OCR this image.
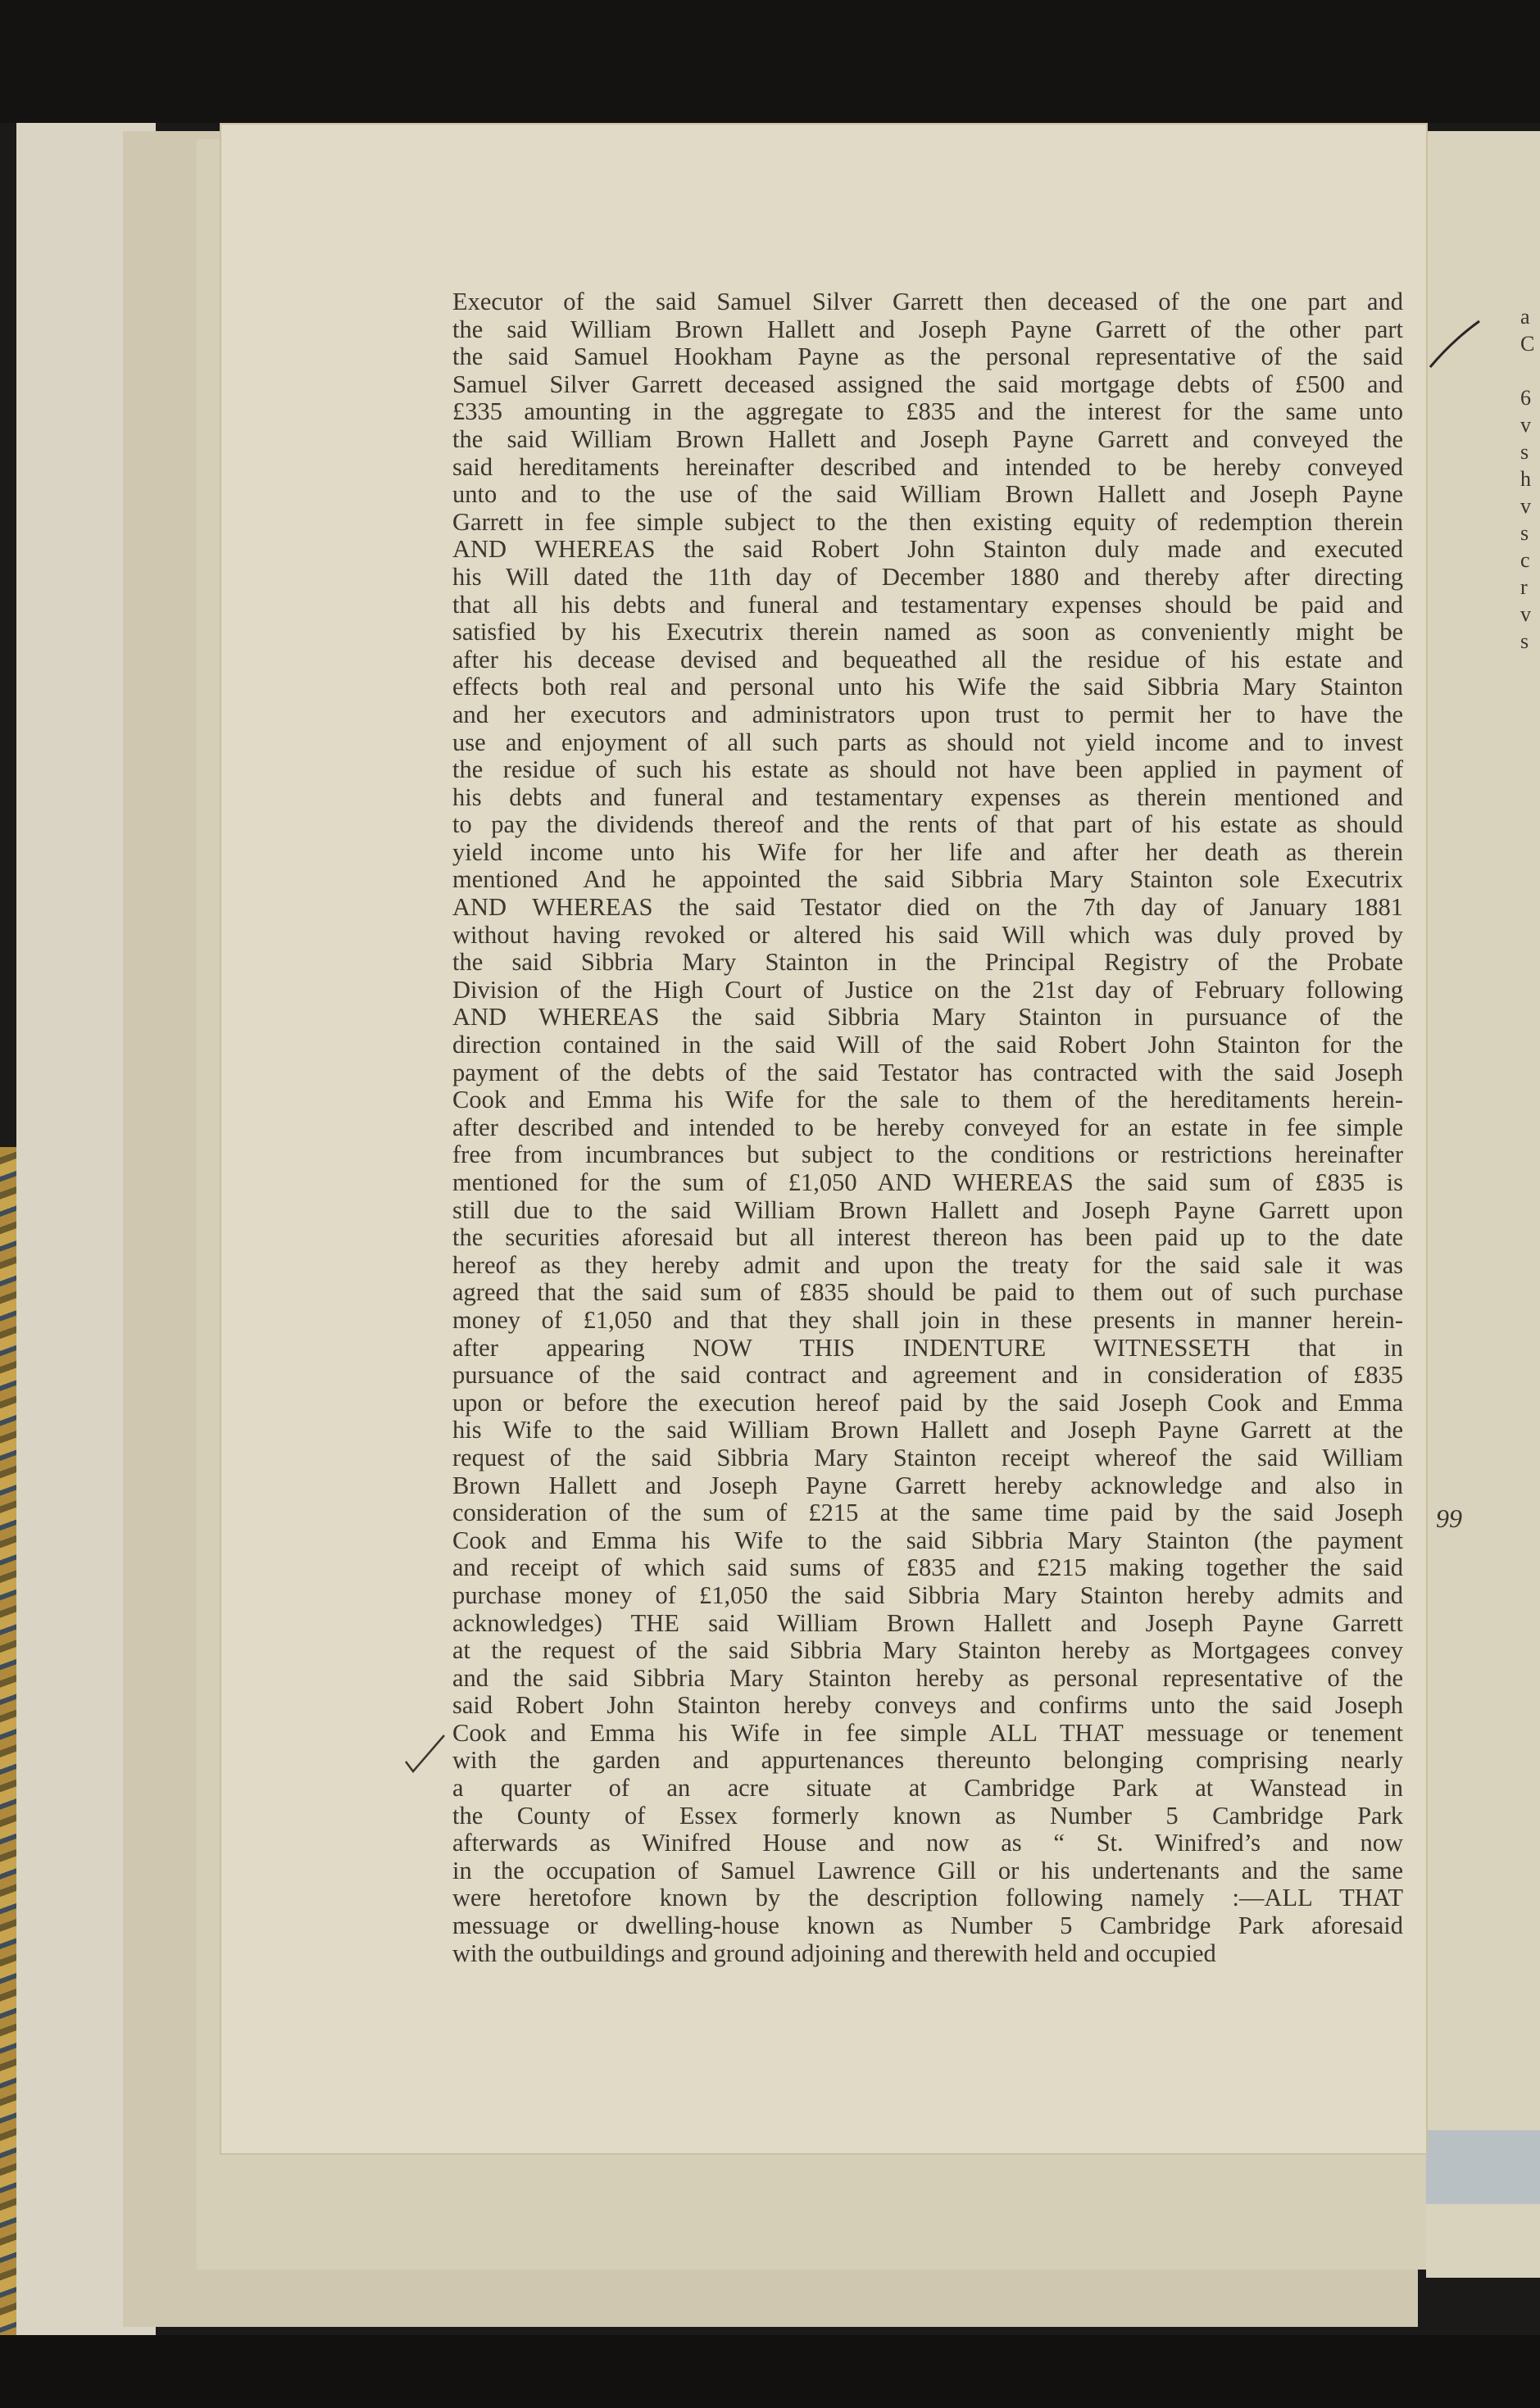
Executor of the said Samuel Silver Garrett then deceased of the one part and
the said William Brown Hallett and Joseph Payne Garrett of the other part
the said Samuel Hookham Payne as the personal representative of the said
Samuel Silver Garrett deceased assigned the said mortgage debts of £500 and
£335 amounting in the aggregate to £835 and the interest for the same unto
the said William Brown Hallett and Joseph Payne Garrett and conveyed the
said hereditaments hereinafter described and intended to be hereby conveyed
unto and to the use of the said William Brown Hallett and Joseph Payne
Garrett in fee simple subject to the then existing equity of redemption therein
AND WHEREAS the said Robert John Stainton duly made and executed
his Will dated the 11th day of December 1880 and thereby after directing
that all his debts and funeral and testamentary expenses should be paid and
satisfied by his Executrix therein named as soon as conveniently might be
after his decease devised and bequeathed all the residue of his estate and
effects both real and personal unto his Wife the said Sibbria Mary Stainton
and her executors and administrators upon trust to permit her to have the
use and enjoyment of all such parts as should not yield income and to invest
the residue of such his estate as should not have been applied in payment of
his debts and funeral and testamentary expenses as therein mentioned and
to pay the dividends thereof and the rents of that part of his estate as should
yield income unto his Wife for her life and after her death as therein
mentioned And he appointed the said Sibbria Mary Stainton sole Executrix
AND WHEREAS the said Testator died on the 7th day of January 1881
without having revoked or altered his said Will which was duly proved by
the said Sibbria Mary Stainton in the Principal Registry of the Probate
Division of the High Court of Justice on the 21st day of February following
AND WHEREAS the said Sibbria Mary Stainton in pursuance of the
direction contained in the said Will of the said Robert John Stainton for the
payment of the debts of the said Testator has contracted with the said Joseph
Cook and Emma his Wife for the sale to them of the hereditaments herein-
after described and intended to be hereby conveyed for an estate in fee simple
free from incumbrances but subject to the conditions or restrictions hereinafter
mentioned for the sum of £1,050 AND WHEREAS the said sum of £835 is
still due to the said William Brown Hallett and Joseph Payne Garrett upon
the securities aforesaid but all interest thereon has been paid up to the date
hereof as they hereby admit and upon the treaty for the said sale it was
agreed that the said sum of £835 should be paid to them out of such purchase
money of £1,050 and that they shall join in these presents in manner herein-
after appearing NOW THIS INDENTURE WITNESSETH that in
pursuance of the said contract and agreement and in consideration of £835
upon or before the execution hereof paid by the said Joseph Cook and Emma
his Wife to the said William Brown Hallett and Joseph Payne Garrett at the
request of the said Sibbria Mary Stainton receipt whereof the said William
Brown Hallett and Joseph Payne Garrett hereby acknowledge and also in
consideration of the sum of £215 at the same time paid by the said Joseph
Cook and Emma his Wife to the said Sibbria Mary Stainton (the payment
and receipt of which said sums of £835 and £215 making together the said
purchase money of £1,050 the said Sibbria Mary Stainton hereby admits and
acknowledges) THE said William Brown Hallett and Joseph Payne Garrett
at the request of the said Sibbria Mary Stainton hereby as Mortgagees convey
and the said Sibbria Mary Stainton hereby as personal representative of the
said Robert John Stainton hereby conveys and confirms unto the said Joseph
Cook and Emma his Wife in fee simple ALL THAT messuage or tenement
with the garden and appurtenances thereunto belonging comprising nearly
a quarter of an acre situate at Cambridge Park at Wanstead in
the County of Essex formerly known as Number 5 Cambridge Park
afterwards as Winifred House and now as “ St. Winifred’s and now
in the occupation of Samuel Lawrence Gill or his undertenants and the same
were heretofore known by the description following namely :—ALL THAT
messuage or dwelling-house known as Number 5 Cambridge Park aforesaid
with the outbuildings and ground adjoining and therewith held and occupied
99
a
C

6
v
s
h
v
s
c
r
v
s
